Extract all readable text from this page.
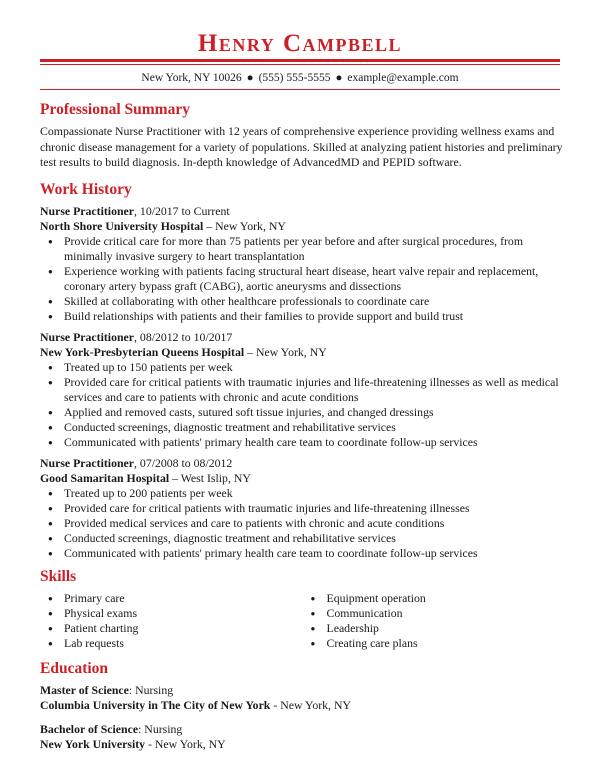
Henry Campbell
New York, NY 10026 ● (555) 555-5555 ● example@example.com
Professional Summary
Compassionate Nurse Practitioner with 12 years of comprehensive experience providing wellness exams and chronic disease management for a variety of populations. Skilled at analyzing patient histories and preliminary test results to build diagnosis. In-depth knowledge of AdvancedMD and PEPID software.
Work History
Nurse Practitioner, 10/2017 to Current
North Shore University Hospital – New York, NY
● Provide critical care for more than 75 patients per year before and after surgical procedures, from minimally invasive surgery to heart transplantation
● Experience working with patients facing structural heart disease, heart valve repair and replacement, coronary artery bypass graft (CABG), aortic aneurysms and dissections
● Skilled at collaborating with other healthcare professionals to coordinate care
● Build relationships with patients and their families to provide support and build trust
Nurse Practitioner, 08/2012 to 10/2017
New York-Presbyterian Queens Hospital – New York, NY
● Treated up to 150 patients per week
● Provided care for critical patients with traumatic injuries and life-threatening illnesses as well as medical services and care to patients with chronic and acute conditions
● Applied and removed casts, sutured soft tissue injuries, and changed dressings
● Conducted screenings, diagnostic treatment and rehabilitative services
● Communicated with patients' primary health care team to coordinate follow-up services
Nurse Practitioner, 07/2008 to 08/2012
Good Samaritan Hospital – West Islip, NY
● Treated up to 200 patients per week
● Provided care for critical patients with traumatic injuries and life-threatening illnesses
● Provided medical services and care to patients with chronic and acute conditions
● Conducted screenings, diagnostic treatment and rehabilitative services
● Communicated with patients' primary health care team to coordinate follow-up services
Skills
● Primary care
● Physical exams
● Patient charting
● Lab requests
● Equipment operation
● Communication
● Leadership
● Creating care plans
Education
Master of Science: Nursing
Columbia University in The City of New York - New York, NY
Bachelor of Science: Nursing
New York University - New York, NY
